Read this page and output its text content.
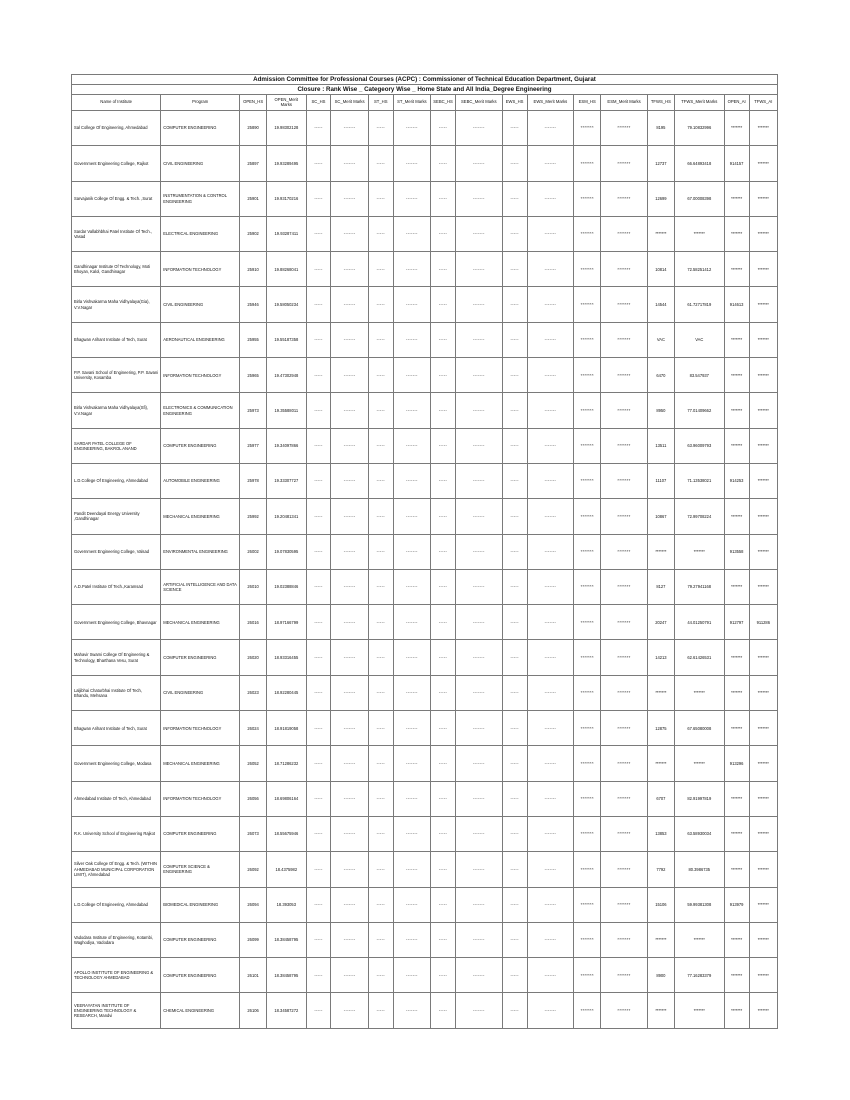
Admission Committee for Professional Courses (ACPC) : Commissioner of Technical Education Department, Gujarat																	
Closure : Rank Wise _ Categeory Wise _ Home State and All India_Degree Engineering																	
Name of Institute	Program	OPEN_HS	OPEN_Merit Marks	SC_HS	SC_Merit Marks	ST_HS	ST_Merit Marks	SEBC_HS	SEBC_Merit Marks	EWS_HS	EWS_Merit Marks	ESM_HS	ESM_Merit Marks	TFWS_HS	TFWS_Merit Marks	OPEN_AI	TFWS_AI
Sal College Of Engineering, Ahmedabad	COMPUTER ENGINEERING	25890	19.98302128	-----	-------	-----	-------	-----	-------	-----	-------	*******	*******	8195	79.10832996	*******	*******
Government Engineering College, Rajkot	CIVIL ENGINEERING	25897	19.93289495	-----	-------	-----	-------	-----	-------	-----	-------	*******	*******	12737	66.64893418	914157	*******
Sarvajanik College Of Engg. & Tech. ,Surat	INSTRUMENTATION & CONTROL ENGINEERING	25901	19.93170216	-----	-------	-----	-------	-----	-------	-----	-------	*******	*******	12699	67.00008398	*******	*******
Sardar Vallabhbhai Patel Institute Of Tech., Vasad	ELECTRICAL ENGINEERING	25902	19.93287411	-----	-------	-----	-------	-----	-------	-----	-------	*******	*******	*******	*******	*******	*******
Gandhinagar Institute Of Technology, Moti Bhoyan, Kalol, Gandhinagar	INFORMATION TECHNOLOGY	25910	19.88268041	-----	-------	-----	-------	-----	-------	-----	-------	*******	*******	10814	72.58251412	*******	*******
Birla Vishvakarma Maha Vidhyalaya(Gia), V.V.Nagar	CIVIL ENGINEERING	25946	19.58050234	-----	-------	-----	-------	-----	-------	-----	-------	*******	*******	14544	61.72717819	914613	*******
Bhagwan Arihant Institute of Tech, Surat	AERONAUTICAL ENGINEERING	25955	19.55187358	-----	-------	-----	-------	-----	-------	-----	-------	*******	*******	VAC	VAC	*******	*******
P.P. Savani School of Engineering, P.P. Savani University, Kosamba	INFORMATION TECHNOLOGY	25965	19.47302948	-----	-------	-----	-------	-----	-------	-----	-------	*******	*******	6470	83.547937	*******	*******
Birla Vishvakarma Maha Vidhyalaya(Sfi), V.V.Nagar	ELECTRONICS & COMMUNICATION ENGINEERING	25973	19.35588011	-----	-------	-----	-------	-----	-------	-----	-------	*******	*******	8950	77.01409662	*******	*******
SARDAR PATEL COLLEGE OF ENGINEERING, BAKROL ANAND	COMPUTER ENGINEERING	25977	19.34097866	-----	-------	-----	-------	-----	-------	-----	-------	*******	*******	13511	63.96009793	*******	*******
L.D.College Of Engineering, Ahmedabad	AUTOMOBILE ENGINEERING	25978	19.33307727	-----	-------	-----	-------	-----	-------	-----	-------	*******	*******	11107	71.13538021	914253	*******
Pandit Deendayal Energy University ,Gandhinagar	MECHANICAL ENGINEERING	25992	19.20481341	-----	-------	-----	-------	-----	-------	-----	-------	*******	*******	10867	72.99708224	*******	*******
Government Engineering College, Valsad	ENVIRONMENTAL ENGINEERING	26002	19.07830595	-----	-------	-----	-------	-----	-------	-----	-------	*******	*******	*******	*******	913558	*******
A.D.Patel Institute Of Tech.,Karamsad	ARTIFICIAL INTELLIGENCE AND DATA SCIENCE	26010	19.02388846	-----	-------	-----	-------	-----	-------	-----	-------	*******	*******	8127	79.27941168	*******	*******
Government Engineering College, Bhavnagar	MECHANICAL ENGINEERING	26016	18.97166799	-----	-------	-----	-------	-----	-------	-----	-------	*******	*******	20247	44.01250791	912797	911286
Mahavir Swami College Of Engineering & Technology, Bharthana Vesu, Surat	COMPUTER ENGINEERING	26020	18.93316455	-----	-------	-----	-------	-----	-------	-----	-------	*******	*******	14213	62.61426531	*******	*******
Laljibhai Chaturbhai Institute Of Tech, Bhandu, Mehsana	CIVIL ENGINEERING	26023	18.92280445	-----	-------	-----	-------	-----	-------	-----	-------	*******	*******	*******	*******	*******	*******
Bhagwan Arihant Institute of Tech, Surat	INFORMATION TECHNOLOGY	26024	18.91819058	-----	-------	-----	-------	-----	-------	-----	-------	*******	*******	12875	67.65080008	*******	*******
Government Engineering College, Modasa	MECHANICAL ENGINEERING	26052	18.71286232	-----	-------	-----	-------	-----	-------	-----	-------	*******	*******	*******	*******	913296	*******
Ahmedabad Institute Of Tech, Ahmedabad	INFORMATION TECHNOLOGY	26056	18.69806164	-----	-------	-----	-------	-----	-------	-----	-------	*******	*******	6707	82.91997819	*******	*******
R.K. University School of Engineering Rajkot	COMPUTER ENGINEERING	26073	18.55675946	-----	-------	-----	-------	-----	-------	-----	-------	*******	*******	13853	63.58930034	*******	*******
Silver Oak College Of Engg. & Tech. (WITHIN AHMEDABAD MUNICIPAL CORPORATION LIMIT), Ahmedabad	COMPUTER SCIENCE & ENGINEERING	26092	18.4375982	-----	-------	-----	-------	-----	-------	-----	-------	*******	*******	7792	80.3986735	*******	*******
L.D.College Of Engineering, Ahmedabad	BIOMEDICAL ENGINEERING	26094	18.393053	-----	-------	-----	-------	-----	-------	-----	-------	*******	*******	15106	59.99381308	913979	*******
Vadodara Institute of Engineering, Kotambi, Waghodiya, Vadodara	COMPUTER ENGINEERING	26099	18.38458795	-----	-------	-----	-------	-----	-------	-----	-------	*******	*******	*******	*******	*******	*******
APOLLO INSTITUTE OF ENGINEERING & TECHNOLOGY AHMEDABAD	COMPUTER ENGINEERING	26101	18.38458795	-----	-------	-----	-------	-----	-------	-----	-------	*******	*******	8900	77.16283379	*******	*******
VEERAYATAN INSTITUTE OF ENGINEERING TECHNOLOGY & RESEARCH, Mandvi	CHEMICAL ENGINEERING	26106	18.34587272	-----	-------	-----	-------	-----	-------	-----	-------	*******	*******	*******	*******	*******	*******
